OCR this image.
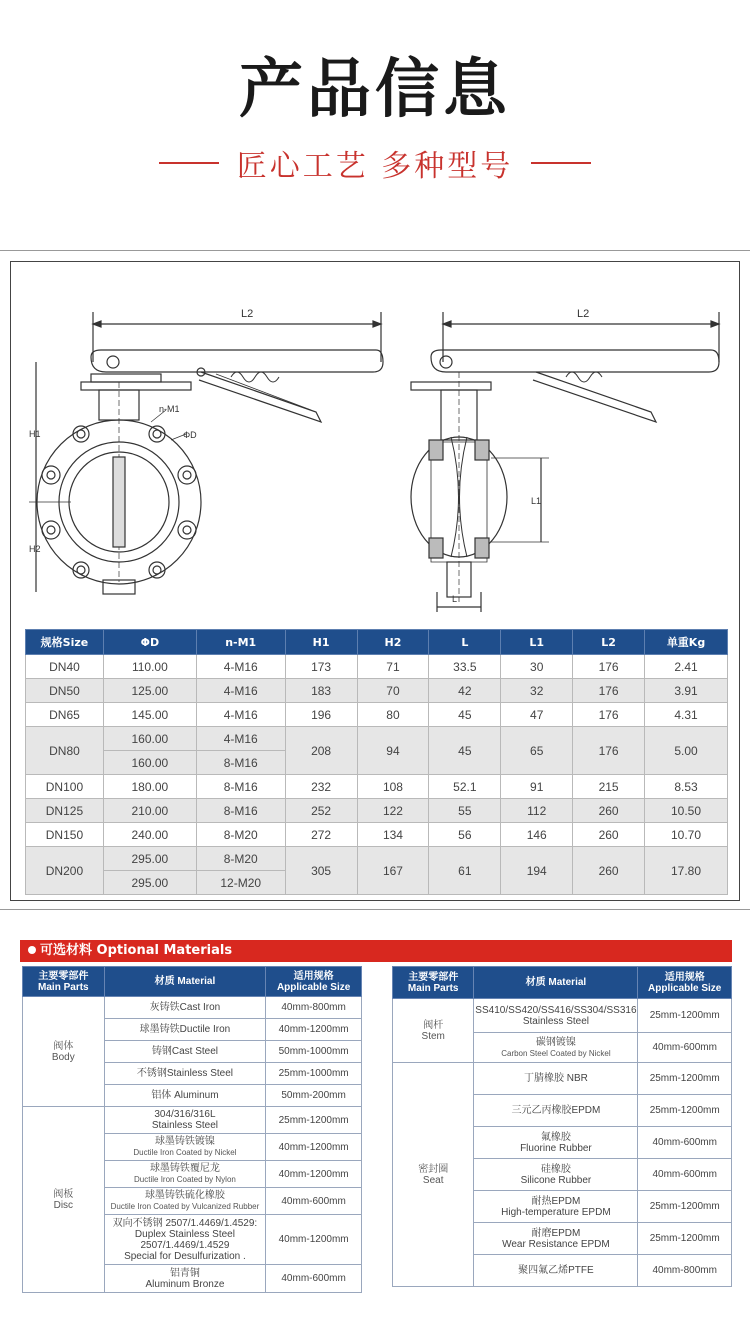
产品信息
匠心工艺 多种型号
L2	L2
H1
H2
n-M1
ΦD
L1
L
规格Size	ΦD	n-M1	H1	H2	L	L1	L2	单重Kg
DN40	110.00	4-M16	173	71	33.5	30	176	2.41
DN50	125.00	4-M16	183	70	42	32	176	3.91
DN65	145.00	4-M16	196	80	45	47	176	4.31
DN80	160.00	4-M16	208	94	45	65	176	5.00
	160.00	8-M16						
DN100	180.00	8-M16	232	108	52.1	91	215	8.53
DN125	210.00	8-M16	252	122	55	112	260	10.50
DN150	240.00	8-M20	272	134	56	146	260	10.70
DN200	295.00	8-M20	305	167	61	194	260	17.80
	295.00	12-M20						
可选材料 Optional Materials
主要零部件
Main Parts	材质 Material	适用规格
Applicable Size

阀体
Body	灰铸铁Cast Iron	40mm-800mm
	球墨铸铁Ductile Iron	40mm-1200mm
	铸钢Cast Steel	50mm-1000mm
	不锈钢Stainless Steel	25mm-1000mm
	铝体 Aluminum	50mm-200mm

阀板
Disc	304/316/316L
Stainless Steel	25mm-1200mm

	球墨铸铁镀镍
Ductile Iron Coated by Nickel	40mm-1200mm

	球墨铸铁覆尼龙
Ductile Iron Coated by Nylon	40mm-1200mm

	球墨铸铁硫化橡胶
Ductile Iron Coated by Vulcanized Rubber	40mm-600mm

	双向不锈钢 2507/1.4469/1.4529:
Duplex Stainless Steel
2507/1.4469/1.4529
Special for Desulfurization .	40mm-1200mm

	铝青铜
Aluminum Bronze	40mm-600mm
主要零部件
Main Parts	材质 Material	适用规格
Applicable Size

阀杆
Stem	SS410/SS420/SS416/SS304/SS316
Stainless Steel	25mm-1200mm

	碳钢镀镍
Carbon Steel Coated by Nickel	40mm-600mm

密封圈
Seat	丁腈橡胶 NBR	25mm-1200mm
	三元乙丙橡胶EPDM	25mm-1200mm

	氟橡胶
Fluorine Rubber	40mm-600mm

	硅橡胶
Silicone Rubber	40mm-600mm

	耐热EPDM
High-temperature EPDM	25mm-1200mm

	耐磨EPDM
Wear Resistance EPDM	25mm-1200mm
	聚四氟乙烯PTFE	40mm-800mm
